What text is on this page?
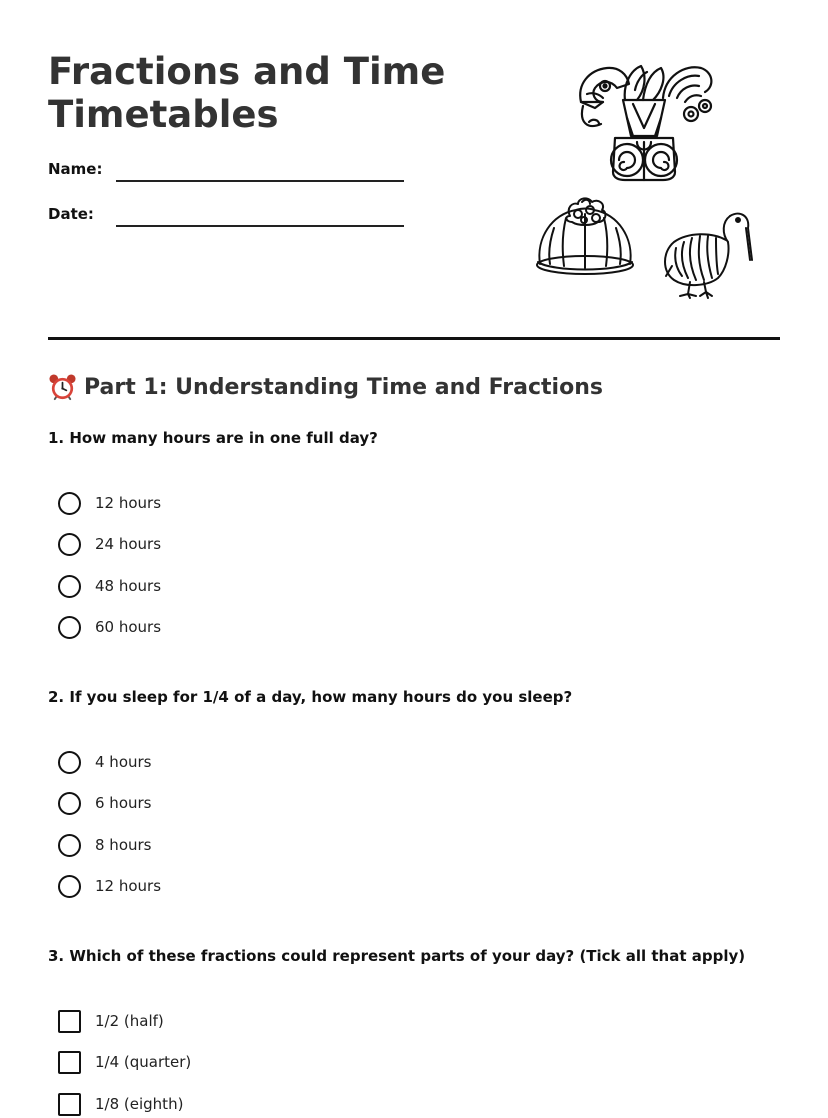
Fractions and Time
Timetables
Name:
Date:
Part 1: Understanding Time and Fractions
1. How many hours are in one full day?
12 hours
24 hours
48 hours
60 hours
2. If you sleep for 1/4 of a day, how many hours do you sleep?
4 hours
6 hours
8 hours
12 hours
3. Which of these fractions could represent parts of your day? (Tick all that apply)
1/2 (half)
1/4 (quarter)
1/8 (eighth)
